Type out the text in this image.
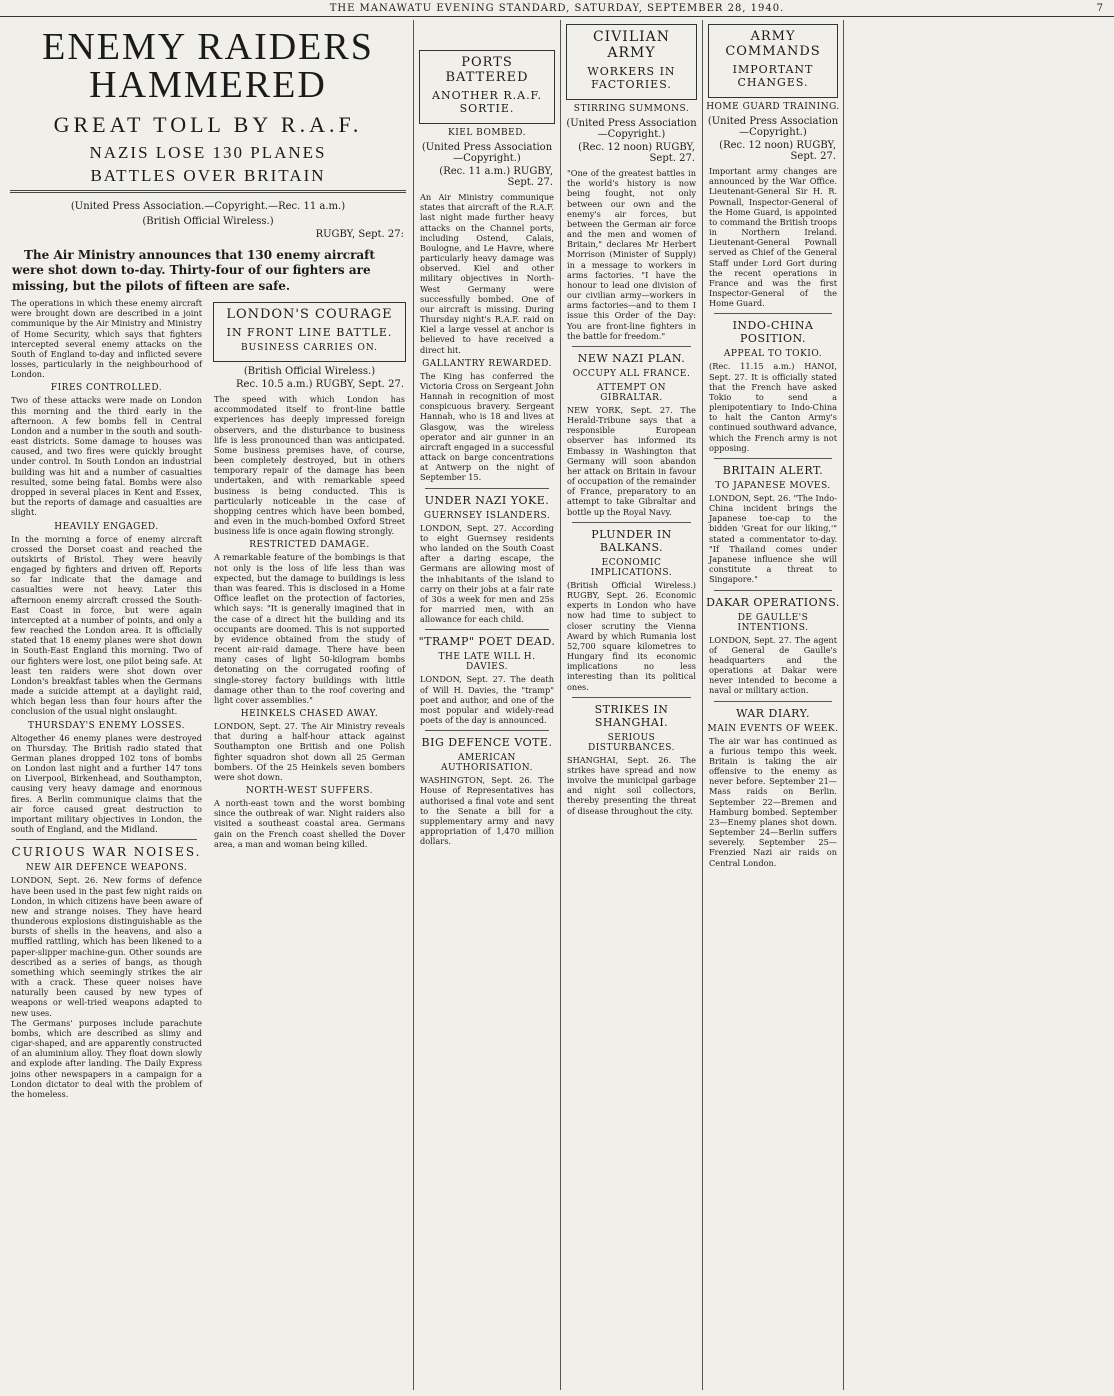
THE MANAWATU EVENING STANDARD, SATURDAY, SEPTEMBER 28, 1940.	7
ENEMY RAIDERS HAMMERED
GREAT TOLL BY R.A.F.
NAZIS LOSE 130 PLANES
BATTLES OVER BRITAIN
(United Press Association.—Copyright.—Rec. 11 a.m.)
(British Official Wireless.)
RUGBY, Sept. 27:

The Air Ministry announces that 130 enemy aircraft were shot down to-day. Thirty-four of our fighters are missing, but the pilots of fifteen are safe.

The operations in which these enemy aircraft were brought down are described in a joint communique by the Air Ministry and Ministry of Home Security, which says that fighters intercepted several enemy attacks on the South of England to-day and inflicted severe losses, particularly in the neighbourhood of London.

FIRES CONTROLLED.

Two of these attacks were made on London this morning and the third early in the afternoon. A few bombs fell in Central London and a number in the south and south-east districts. Some damage to houses was caused, and two fires were quickly brought under control. In South London an industrial building was hit and a number of casualties resulted, some being fatal. Bombs were also dropped in several places in Kent and Essex, but the reports of damage and casualties are slight.

HEAVILY ENGAGED.

In the morning a force of enemy aircraft crossed the Dorset coast and reached the outskirts of Bristol. They were heavily engaged by fighters and driven off. Reports so far indicate that the damage and casualties were not heavy. Later this afternoon enemy aircraft crossed the South-East Coast in force, but were again intercepted at a number of points, and only a few reached the London area. It is officially stated that 18 enemy planes were shot down in South-East England this morning. Two of our fighters were lost, one pilot being safe. At least ten raiders were shot down over London's breakfast tables when the Germans made a suicide attempt at a daylight raid, which began less than four hours after the conclusion of the usual night onslaught.

THURSDAY'S ENEMY LOSSES.

Altogether 46 enemy planes were destroyed on Thursday. The British radio stated that German planes dropped 102 tons of bombs on London last night and a further 147 tons on Liverpool, Birkenhead, and Southampton, causing very heavy damage and enormous fires. A Berlin communique claims that the air force caused great destruction to important military objectives in London, the south of England, and the Midland.

CURIOUS WAR NOISES.
NEW AIR DEFENCE WEAPONS.

LONDON, Sept. 26. New forms of defence have been used in the past few night raids on London, in which citizens have been aware of new and strange noises. They have heard thunderous explosions distinguishable as the bursts of shells in the heavens, and also a muffled rattling, which has been likened to a paper-slipper machine-gun. Other sounds are described as a series of bangs, as though something which seemingly strikes the air with a crack. These queer noises have naturally been caused by new types of weapons or well-tried weapons adapted to new uses.

The Germans' purposes include parachute bombs, which are described as slimy and cigar-shaped, and are apparently constructed of an aluminium alloy. They float down slowly and explode after landing. The Daily Express joins other newspapers in a campaign for a London dictator to deal with the problem of the homeless.

LONDON'S COURAGE
IN FRONT LINE BATTLE.
BUSINESS CARRIES ON.
(British Official Wireless.)
Rec. 10.5 a.m.) RUGBY, Sept. 27.

The speed with which London has accommodated itself to front-line battle experiences has deeply impressed foreign observers, and the disturbance to business life is less pronounced than was anticipated. Some business premises have, of course, been completely destroyed, but in others temporary repair of the damage has been undertaken, and with remarkable speed business is being conducted. This is particularly noticeable in the case of shopping centres which have been bombed, and even in the much-bombed Oxford Street business life is once again flowing strongly.

RESTRICTED DAMAGE.

A remarkable feature of the bombings is that not only is the loss of life less than was expected, but the damage to buildings is less than was feared. This is disclosed in a Home Office leaflet on the protection of factories, which says: "It is generally imagined that in the case of a direct hit the building and its occupants are doomed. This is not supported by evidence obtained from the study of recent air-raid damage. There have been many cases of light 50-kilogram bombs detonating on the corrugated roofing of single-storey factory buildings with little damage other than to the roof covering and light cover assemblies."

HEINKELS CHASED AWAY.

LONDON, Sept. 27. The Air Ministry reveals that during a half-hour attack against Southampton one British and one Polish fighter squadron shot down all 25 German bombers. Of the 25 Heinkels seven bombers were shot down.

NORTH-WEST SUFFERS.

A north-east town and the worst bombing since the outbreak of war. Night raiders also visited a southeast coastal area. Germans gain on the French coast shelled the Dover area, a man and woman being killed.

PORTS BATTERED
ANOTHER R.A.F. SORTIE.
KIEL BOMBED.
(United Press Association—Copyright.)
(Rec. 11 a.m.) RUGBY, Sept. 27.

An Air Ministry communique states that aircraft of the R.A.F. last night made further heavy attacks on the Channel ports, including Ostend, Calais, Boulogne, and Le Havre, where particularly heavy damage was observed. Kiel and other military objectives in North-West Germany were successfully bombed. One of our aircraft is missing. During Thursday night's R.A.F. raid on Kiel a large vessel at anchor is believed to have received a direct hit.

GALLANTRY REWARDED.

The King has conferred the Victoria Cross on Sergeant John Hannah in recognition of most conspicuous bravery. Sergeant Hannah, who is 18 and lives at Glasgow, was the wireless operator and air gunner in an aircraft engaged in a successful attack on barge concentrations at Antwerp on the night of September 15.

UNDER NAZI YOKE.
GUERNSEY ISLANDERS.

LONDON, Sept. 27. According to eight Guernsey residents who landed on the South Coast after a daring escape, the Germans are allowing most of the inhabitants of the island to carry on their jobs at a fair rate of 30s a week for men and 25s for married men, with an allowance for each child.

"TRAMP" POET DEAD.
THE LATE WILL H. DAVIES.

LONDON, Sept. 27. The death of Will H. Davies, the "tramp" poet and author, and one of the most popular and widely-read poets of the day is announced.

BIG DEFENCE VOTE.
AMERICAN AUTHORISATION.

WASHINGTON, Sept. 26. The House of Representatives has authorised a final vote and sent to the Senate a bill for a supplementary army and navy appropriation of 1,470 million dollars.

CIVILIAN ARMY
WORKERS IN FACTORIES.
STIRRING SUMMONS.
(United Press Association—Copyright.)
(Rec. 12 noon) RUGBY, Sept. 27.

"One of the greatest battles in the world's history is now being fought, not only between our own and the enemy's air forces, but between the German air force and the men and women of Britain," declares Mr Herbert Morrison (Minister of Supply) in a message to workers in arms factories. "I have the honour to lead one division of our civilian army—workers in arms factories—and to them I issue this Order of the Day: You are front-line fighters in the battle for freedom."

NEW NAZI PLAN.
OCCUPY ALL FRANCE.
ATTEMPT ON GIBRALTAR.

NEW YORK, Sept. 27. The Herald-Tribune says that a responsible European observer has informed its Embassy in Washington that Germany will soon abandon her attack on Britain in favour of occupation of the remainder of France, preparatory to an attempt to take Gibraltar and bottle up the Royal Navy.

PLUNDER IN BALKANS.
ECONOMIC IMPLICATIONS.

(British Official Wireless.) RUGBY, Sept. 26. Economic experts in London who have now had time to subject to closer scrutiny the Vienna Award by which Rumania lost 52,700 square kilometres to Hungary find its economic implications no less interesting than its political ones.

STRIKES IN SHANGHAI.
SERIOUS DISTURBANCES.

SHANGHAI, Sept. 26. The strikes have spread and now involve the municipal garbage and night soil collectors, thereby presenting the threat of disease throughout the city.

ARMY COMMANDS
IMPORTANT CHANGES.
HOME GUARD TRAINING.
(United Press Association—Copyright.)
(Rec. 12 noon) RUGBY, Sept. 27.

Important army changes are announced by the War Office. Lieutenant-General Sir H. R. Pownall, Inspector-General of the Home Guard, is appointed to command the British troops in Northern Ireland. Lieutenant-General Pownall served as Chief of the General Staff under Lord Gort during the recent operations in France and was the first Inspector-General of the Home Guard.

INDO-CHINA POSITION.
APPEAL TO TOKIO.

(Rec. 11.15 a.m.) HANOI, Sept. 27. It is officially stated that the French have asked Tokio to send a plenipotentiary to Indo-China to halt the Canton Army's continued southward advance, which the French army is not opposing.

BRITAIN ALERT.
TO JAPANESE MOVES.

LONDON, Sept. 26. "The Indo-China incident brings the Japanese toe-cap to the bidden 'Great for our liking,'" stated a commentator to-day. "If Thailand comes under Japanese influence she will constitute a threat to Singapore."

DAKAR OPERATIONS.
DE GAULLE'S INTENTIONS.

LONDON, Sept. 27. The agent of General de Gaulle's headquarters and the operations at Dakar were never intended to become a naval or military action.

WAR DIARY.
MAIN EVENTS OF WEEK.

The air war has continued as a furious tempo this week. Britain is taking the air offensive to the enemy as never before. September 21—Mass raids on Berlin. September 22—Bremen and Hamburg bombed. September 23—Enemy planes shot down. September 24—Berlin suffers severely. September 25—Frenzied Nazi air raids on Central London.
